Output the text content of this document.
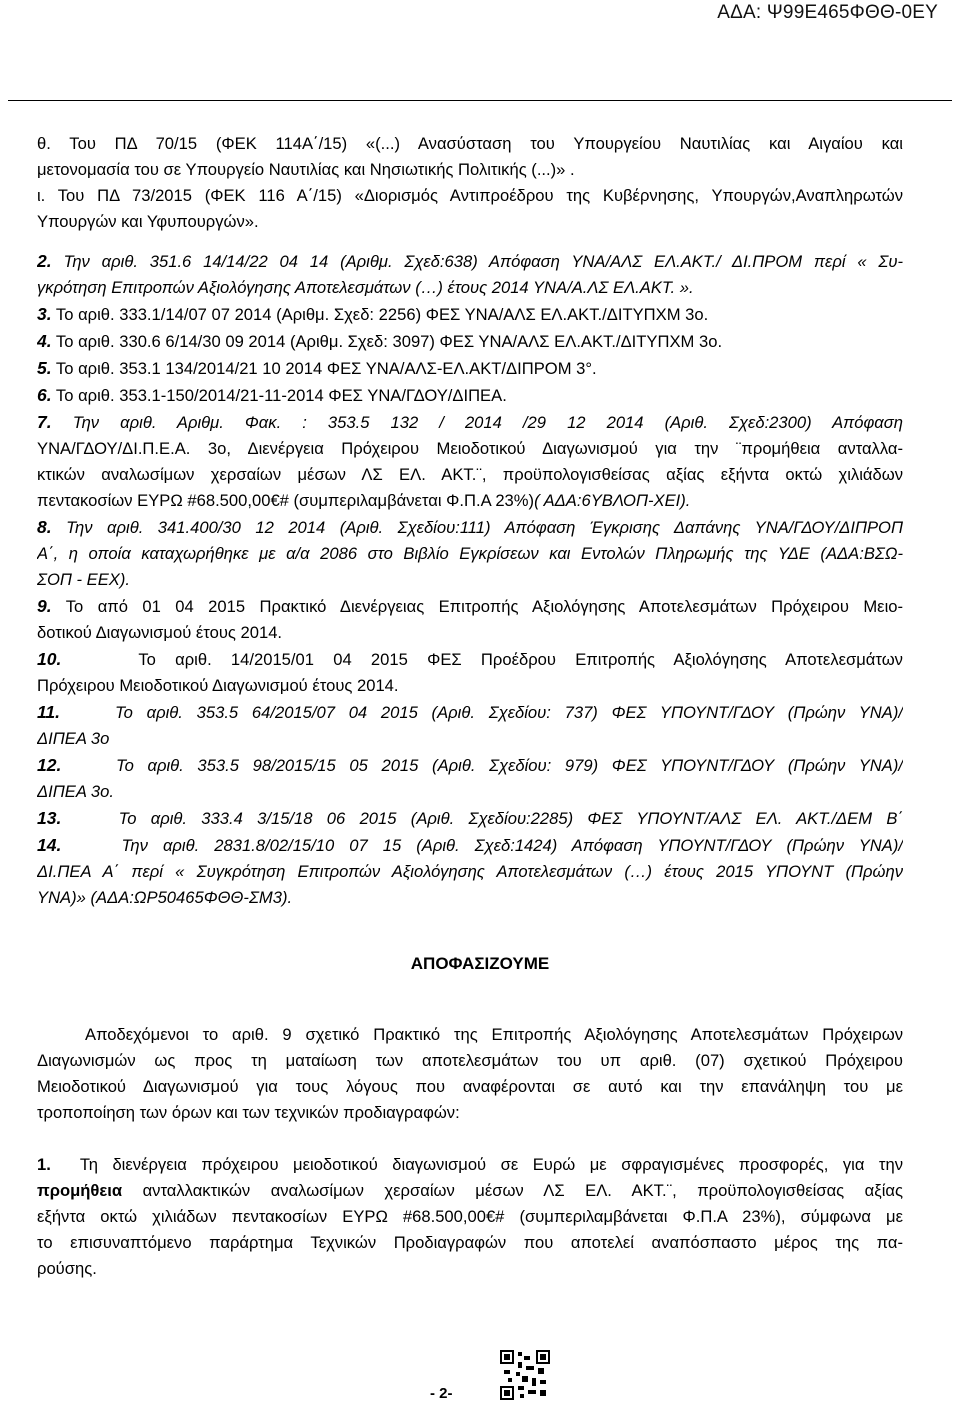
ΑΔΑ: Ψ99Ε465ΦΘΘ-0ΕΥ
θ. Του ΠΔ 70/15 (ΦΕΚ 114Α΄/15) «(...) Ανασύσταση του Υπουργείου Ναυτιλίας και Αιγαίου και
μετονομασία του σε Υπουργείο Ναυτιλίας και Νησιωτικής Πολιτικής (...)» .
ι. Του ΠΔ 73/2015 (ΦΕΚ 116 Α΄/15) «Διορισμός Αντιπροέδρου της Κυβέρνησης, Υπουργών,Αναπληρωτών
Υπουργών και Υφυπουργών».
2. Την αριθ. 351.6 14/14/22 04 14 (Αριθμ. Σχεδ:638) Απόφαση ΥΝΑ/ΑΛΣ ΕΛ.ΑΚΤ./ ΔΙ.ΠΡΟΜ περί « Συ-
γκρότηση Επιτροπών Αξιολόγησης Αποτελεσμάτων (…) έτους 2014 ΥΝΑ/Α.ΛΣ ΕΛ.ΑΚΤ. ».
3. Το αριθ. 333.1/14/07 07 2014 (Αριθμ. Σχεδ: 2256) ΦΕΣ ΥΝΑ/ΑΛΣ ΕΛ.ΑΚΤ./ΔΙΤΥΠΧΜ 3ο.
4. Το αριθ. 330.6 6/14/30 09 2014 (Αριθμ. Σχεδ: 3097) ΦΕΣ ΥΝΑ/ΑΛΣ ΕΛ.ΑΚΤ./ΔΙΤΥΠΧΜ 3ο.
5. Το αριθ. 353.1 134/2014/21 10 2014 ΦΕΣ ΥΝΑ/ΑΛΣ-ΕΛ.ΑΚΤ/ΔΙΠΡΟΜ 3°.
6. Το αριθ. 353.1-150/2014/21-11-2014 ΦΕΣ ΥΝΑ/ΓΔΟΥ/ΔΙΠΕΑ.
7. Την αριθ. Αριθμ. Φακ. : 353.5 132 / 2014 /29 12 2014 (Αριθ. Σχεδ:2300) Απόφαση
ΥΝΑ/ΓΔΟΥ/ΔΙ.Π.Ε.Α. 3ο, Διενέργεια Πρόχειρου Μειοδοτικού Διαγωνισμού για την ¨προμήθεια ανταλλα-
κτικών αναλωσίμων χερσαίων μέσων ΛΣ ΕΛ. ΑΚΤ.¨, προϋπολογισθείσας αξίας εξήντα οκτώ χιλιάδων
πεντακοσίων ΕΥΡΩ #68.500,00€# (συμπεριλαμβάνεται Φ.Π.Α 23%)( ΑΔΑ:6ΥΒΛΟΠ-ΧΕΙ).
8. Την αριθ. 341.400/30 12 2014 (Αριθ. Σχεδίου:111) Απόφαση Έγκρισης Δαπάνης ΥΝΑ/ΓΔΟΥ/ΔΙΠΡΟΠ
Α΄, η οποία καταχωρήθηκε με α/α 2086 στο Βιβλίο Εγκρίσεων και Εντολών Πληρωμής της ΥΔΕ (ΑΔΑ:ΒΣΩ-
ΣΟΠ - ΕΕΧ).
9. Το από 01 04 2015 Πρακτικό Διενέργειας Επιτροπής Αξιολόγησης Αποτελεσμάτων Πρόχειρου Μειο-
δοτικού Διαγωνισμού έτους 2014.
10.	Το αριθ. 14/2015/01 04 2015 ΦΕΣ Προέδρου Επιτροπής Αξιολόγησης Αποτελεσμάτων
Πρόχειρου Μειοδοτικού Διαγωνισμού έτους 2014.
11.	Το αριθ. 353.5 64/2015/07 04 2015 (Αριθ. Σχεδίου: 737) ΦΕΣ ΥΠΟΥΝΤ/ΓΔΟΥ (Πρώην ΥΝΑ)/
ΔΙΠΕΑ 3ο
12.	Το αριθ. 353.5 98/2015/15 05 2015 (Αριθ. Σχεδίου: 979) ΦΕΣ ΥΠΟΥΝΤ/ΓΔΟΥ (Πρώην ΥΝΑ)/
ΔΙΠΕΑ 3ο.
13.	Το αριθ. 333.4 3/15/18 06 2015 (Αριθ. Σχεδίου:2285) ΦΕΣ ΥΠΟΥΝΤ/ΑΛΣ ΕΛ. ΑΚΤ./ΔΕΜ Β΄
14.	Την αριθ. 2831.8/02/15/10 07 15 (Αριθ. Σχεδ:1424) Απόφαση ΥΠΟΥΝΤ/ΓΔΟΥ (Πρώην ΥΝΑ)/
ΔΙ.ΠΕΑ Α΄ περί « Συγκρότηση Επιτροπών Αξιολόγησης Αποτελεσμάτων (…) έτους 2015 ΥΠΟΥΝΤ (Πρώην
ΥΝΑ)» (ΑΔΑ:ΩΡ50465ΦΘΘ-ΣΜ3).
ΑΠΟΦΑΣΙΖΟΥΜΕ
Αποδεχόμενοι το αριθ. 9 σχετικό Πρακτικό της Επιτροπής Αξιολόγησης Αποτελεσμάτων Πρόχειρων
Διαγωνισμών ως προς τη ματαίωση των αποτελεσμάτων του υπ αριθ. (07) σχετικού Πρόχειρου
Μειοδοτικού Διαγωνισμού για τους λόγους που αναφέρονται σε αυτό και την επανάληψη του με
τροποποίηση των όρων και των τεχνικών προδιαγραφών:
1. Τη διενέργεια πρόχειρου μειοδοτικού διαγωνισμού σε Ευρώ με σφραγισμένες προσφορές, για την
προμήθεια ανταλλακτικών αναλωσίμων χερσαίων μέσων ΛΣ ΕΛ. ΑΚΤ.¨, προϋπολογισθείσας αξίας
εξήντα οκτώ χιλιάδων πεντακοσίων ΕΥΡΩ #68.500,00€# (συμπεριλαμβάνεται Φ.Π.Α 23%), σύμφωνα με
το επισυναπτόμενο παράρτημα Τεχνικών Προδιαγραφών που αποτελεί αναπόσπαστο μέρος της πα-
ρούσης.
- 2-
